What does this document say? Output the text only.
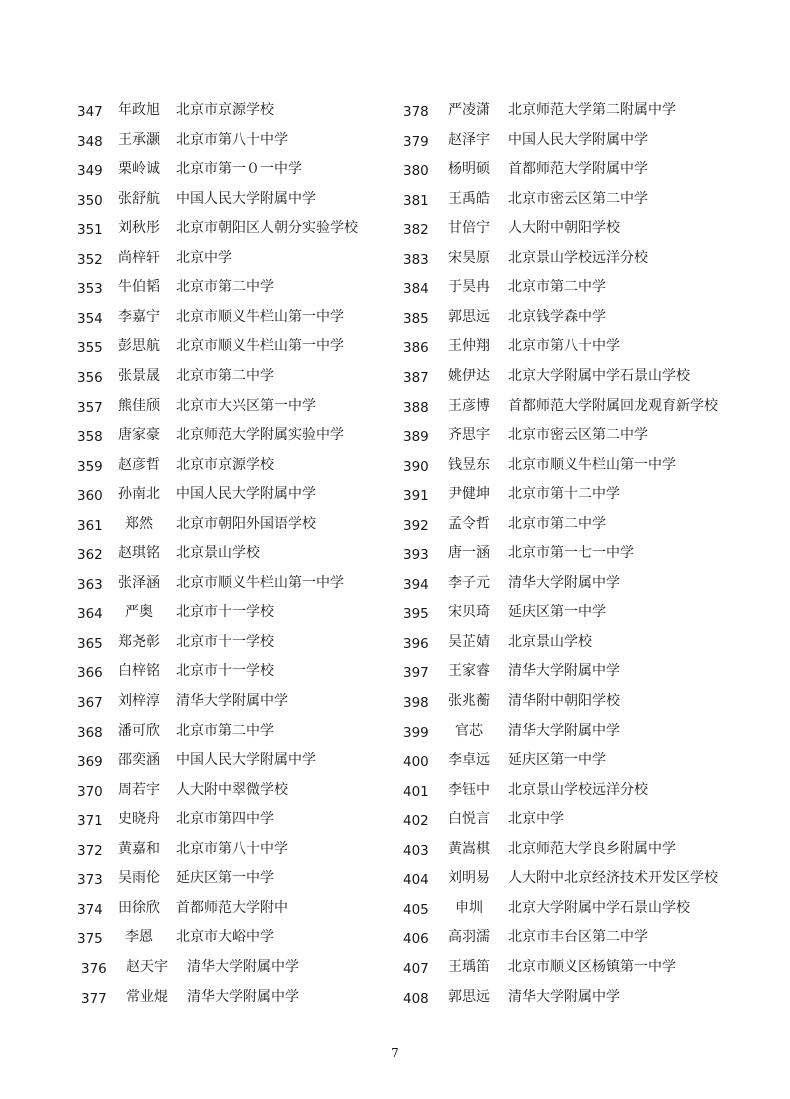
347 年政旭 北京市京源学校
348 王承灏 北京市第八十中学
349 栗岭诚 北京市第一０一中学
350 张舒航 中国人民大学附属中学
351 刘秋彤 北京市朝阳区人朝分实验学校
352 尚梓轩 北京中学
353 牛伯韬 北京市第二中学
354 李嘉宁 北京市顺义牛栏山第一中学
355 彭思航 北京市顺义牛栏山第一中学
356 张景晟 北京市第二中学
357 熊佳颀 北京市大兴区第一中学
358 唐家豪 北京师范大学附属实验中学
359 赵彦哲 北京市京源学校
360 孙南北 中国人民大学附属中学
361 郑然 北京市朝阳外国语学校
362 赵琪铭 北京景山学校
363 张泽涵 北京市顺义牛栏山第一中学
364 严奥 北京市十一学校
365 郑尧彰 北京市十一学校
366 白梓铭 北京市十一学校
367 刘梓淳 清华大学附属中学
368 潘可欣 北京市第二中学
369 邵奕涵 中国人民大学附属中学
370 周若宇 人大附中翠微学校
371 史晓舟 北京市第四中学
372 黄嘉和 北京市第八十中学
373 吴雨伦 延庆区第一中学
374 田徐欣 首都师范大学附中
375 李恩 北京市大峪中学
376 赵天宇 清华大学附属中学
377 常业焜 清华大学附属中学
378 严凌潇 北京师范大学第二附属中学
379 赵泽宇 中国人民大学附属中学
380 杨明硕 首都师范大学附属中学
381 王禹皓 北京市密云区第二中学
382 甘倍宁 人大附中朝阳学校
383 宋昊原 北京景山学校远洋分校
384 于昊冉 北京市第二中学
385 郭思远 北京钱学森中学
386 王仲翔 北京市第八十中学
387 姚伊达 北京大学附属中学石景山学校
388 王彦博 首都师范大学附属回龙观育新学校
389 齐思宇 北京市密云区第二中学
390 钱昱东 北京市顺义牛栏山第一中学
391 尹健坤 北京市第十二中学
392 孟令哲 北京市第二中学
393 唐一涵 北京市第一七一中学
394 李子元 清华大学附属中学
395 宋贝琦 延庆区第一中学
396 吴芷婧 北京景山学校
397 王家睿 清华大学附属中学
398 张兆蘅 清华附中朝阳学校
399 官芯 清华大学附属中学
400 李卓远 延庆区第一中学
401 李钰中 北京景山学校远洋分校
402 白悦言 北京中学
403 黄嵩棋 北京师范大学良乡附属中学
404 刘明易 人大附中北京经济技术开发区学校
405 申圳 北京大学附属中学石景山学校
406 高羽濡 北京市丰台区第二中学
407 王瑀笛 北京市顺义区杨镇第一中学
408 郭思远 清华大学附属中学
7
